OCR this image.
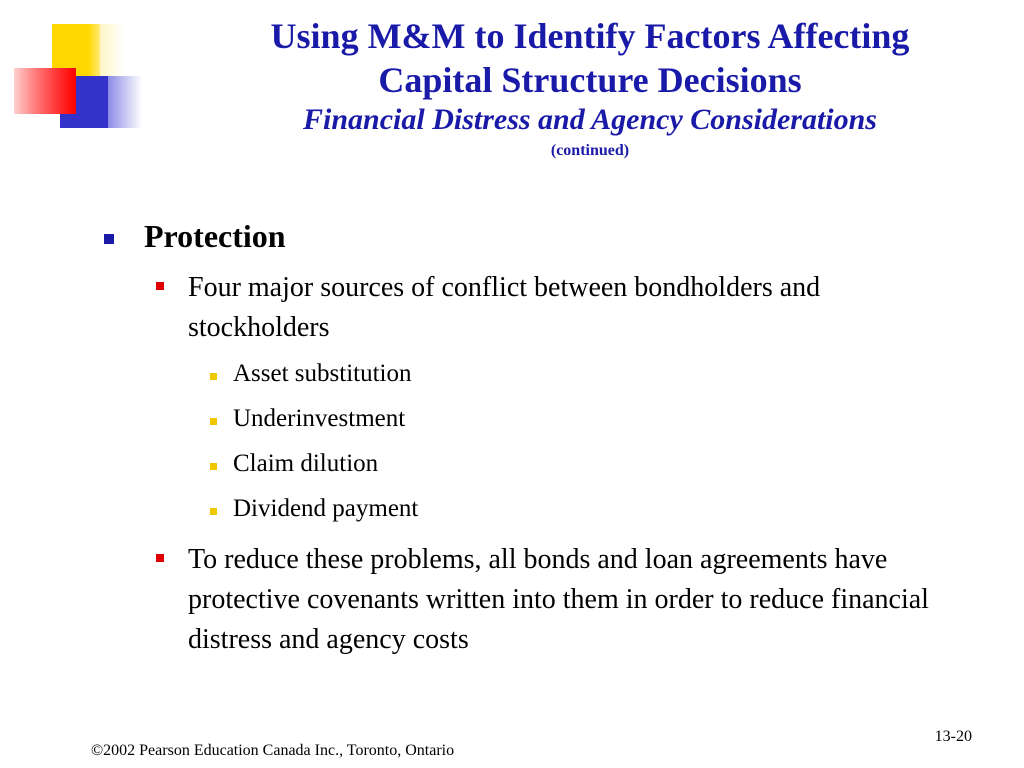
Using M&M to Identify Factors Affecting
Capital Structure Decisions
Financial Distress and Agency Considerations
(continued)
Protection
Four major sources of conflict between bondholders and stockholders
Asset substitution
Underinvestment
Claim dilution
Dividend payment
To reduce these problems, all bonds and loan agreements have protective covenants written into them in order to reduce financial distress and agency costs
©2002 Pearson Education Canada Inc., Toronto, Ontario
13-20
